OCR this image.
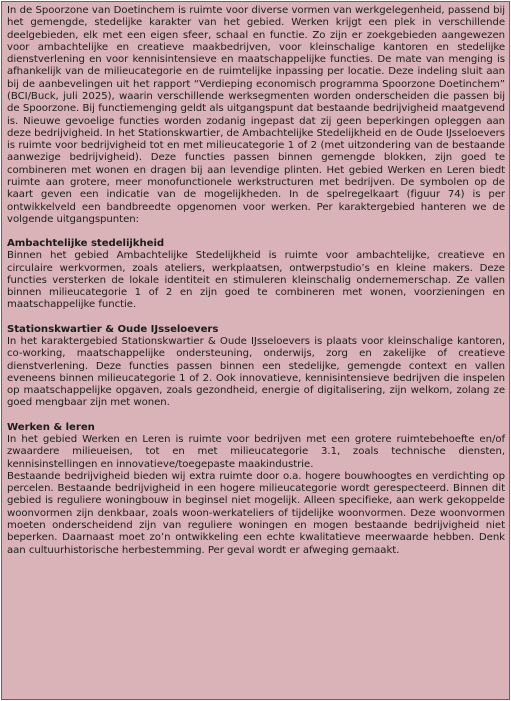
In de Spoorzone van Doetinchem is ruimte voor diverse vormen van werkgelegenheid, passend bij het gemengde, stedelijke karakter van het gebied. Werken krijgt een plek in verschillende deelgebieden, elk met een eigen sfeer, schaal en functie. Zo zijn er zoekgebieden aangewezen voor ambachtelijke en creatieve maakbedrijven, voor kleinschalige kantoren en stedelijke dienstverlening en voor kennisintensieve en maatschappelijke functies. De mate van menging is afhankelijk van de milieucategorie en de ruimtelijke inpassing per locatie. Deze indeling sluit aan bij de aanbevelingen uit het rapport “Verdieping economisch programma Spoorzone Doetinchem” (BCI/Buck, juli 2025), waarin verschillende werksegmenten worden onderscheiden die passen bij de Spoorzone. Bij functiemenging geldt als uitgangspunt dat bestaande bedrijvigheid maatgevend is. Nieuwe gevoelige functies worden zodanig ingepast dat zij geen beperkingen opleggen aan deze bedrijvigheid. In het Stationskwartier, de Ambachtelijke Stedelijkheid en de Oude IJsseloevers is ruimte voor bedrijvigheid tot en met milieucategorie 1 of 2 (met uitzondering van de bestaande aanwezige bedrijvigheid). Deze functies passen binnen gemengde blokken, zijn goed te combineren met wonen en dragen bij aan levendige plinten. Het gebied Werken en Leren biedt ruimte aan grotere, meer monofunctionele werkstructuren met bedrijven. De symbolen op de kaart geven een indicatie van de mogelijkheden. In de spelregelkaart (figuur 74) is per ontwikkelveld een bandbreedte opgenomen voor werken. Per karaktergebied hanteren we de volgende uitgangspunten:

Ambachtelijke stedelijkheid

Binnen het gebied Ambachtelijke Stedelijkheid is ruimte voor ambachtelijke, creatieve en circulaire werkvormen, zoals ateliers, werkplaatsen, ontwerpstudio’s en kleine makers. Deze functies versterken de lokale identiteit en stimuleren kleinschalig ondernemerschap. Ze vallen binnen milieucategorie 1 of 2 en zijn goed te combineren met wonen, voorzieningen en maatschappelijke functie.

Stationskwartier & Oude IJsseloevers

In het karaktergebied Stationskwartier & Oude IJsseloevers is plaats voor kleinschalige kantoren, co-working, maatschappelijke ondersteuning, onderwijs, zorg en zakelijke of creatieve dienstverlening. Deze functies passen binnen een stedelijke, gemengde context en vallen eveneens binnen milieucategorie 1 of 2. Ook innovatieve, kennisintensieve bedrijven die inspelen op maatschappelijke opgaven, zoals gezondheid, energie of digitalisering, zijn welkom, zolang ze goed mengbaar zijn met wonen.

Werken & leren

In het gebied Werken en Leren is ruimte voor bedrijven met een grotere ruimtebehoefte en/of zwaardere milieueisen, tot en met milieucategorie 3.1, zoals technische diensten, kennisinstellingen en innovatieve/toegepaste maakindustrie.

Bestaande bedrijvigheid bieden wij extra ruimte door o.a. hogere bouwhoogtes en verdichting op percelen. Bestaande bedrijvigheid in een hogere milieucategorie wordt gerespecteerd. Binnen dit gebied is reguliere woningbouw in beginsel niet mogelijk. Alleen specifieke, aan werk gekoppelde woonvormen zijn denkbaar, zoals woon-werkateliers of tijdelijke woonvormen. Deze woonvormen moeten onderscheidend zijn van reguliere woningen en mogen bestaande bedrijvigheid niet beperken. Daarnaast moet zo’n ontwikkeling een echte kwalitatieve meerwaarde hebben. Denk aan cultuurhistorische herbestemming. Per geval wordt er afweging gemaakt.
